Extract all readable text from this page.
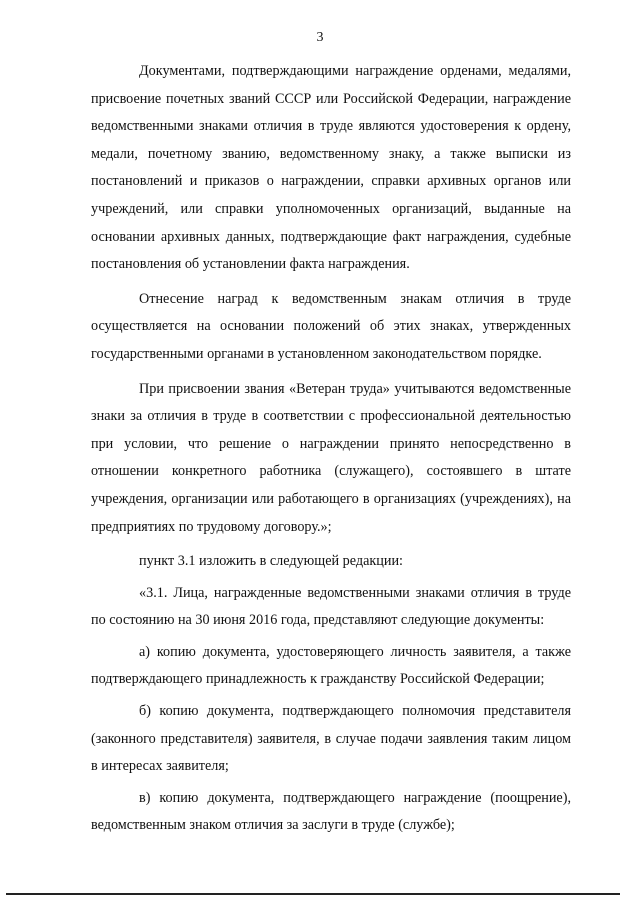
3

Документами, подтверждающими награждение орденами, медалями, присвоение почетных званий СССР или Российской Федерации, награждение ведомственными знаками отличия в труде являются удостоверения к ордену, медали, почетному званию, ведомственному знаку, а также выписки из постановлений и приказов о награждении, справки архивных органов или учреждений, или справки уполномоченных организаций, выданные на основании архивных данных, подтверждающие факт награждения, судебные постановления об установлении факта награждения.

Отнесение наград к ведомственным знакам отличия в труде осуществляется на основании положений об этих знаках, утвержденных государственными органами в установленном законодательством порядке.

При присвоении звания «Ветеран труда» учитываются ведомственные знаки за отличия в труде в соответствии с профессиональной деятельностью при условии, что решение о награждении принято непосредственно в отношении конкретного работника (служащего), состоявшего в штате учреждения, организации или работающего в организациях (учреждениях), на предприятиях по трудовому договору.»;

пункт 3.1 изложить в следующей редакции:

«3.1. Лица, награжденные ведомственными знаками отличия в труде по состоянию на 30 июня 2016 года, представляют следующие документы:

а) копию документа, удостоверяющего личность заявителя, а также подтверждающего принадлежность к гражданству Российской Федерации;

б) копию документа, подтверждающего полномочия представителя (законного представителя) заявителя, в случае подачи заявления таким лицом в интересах заявителя;

в) копию документа, подтверждающего награждение (поощрение), ведомственным знаком отличия за заслуги в труде (службе);
